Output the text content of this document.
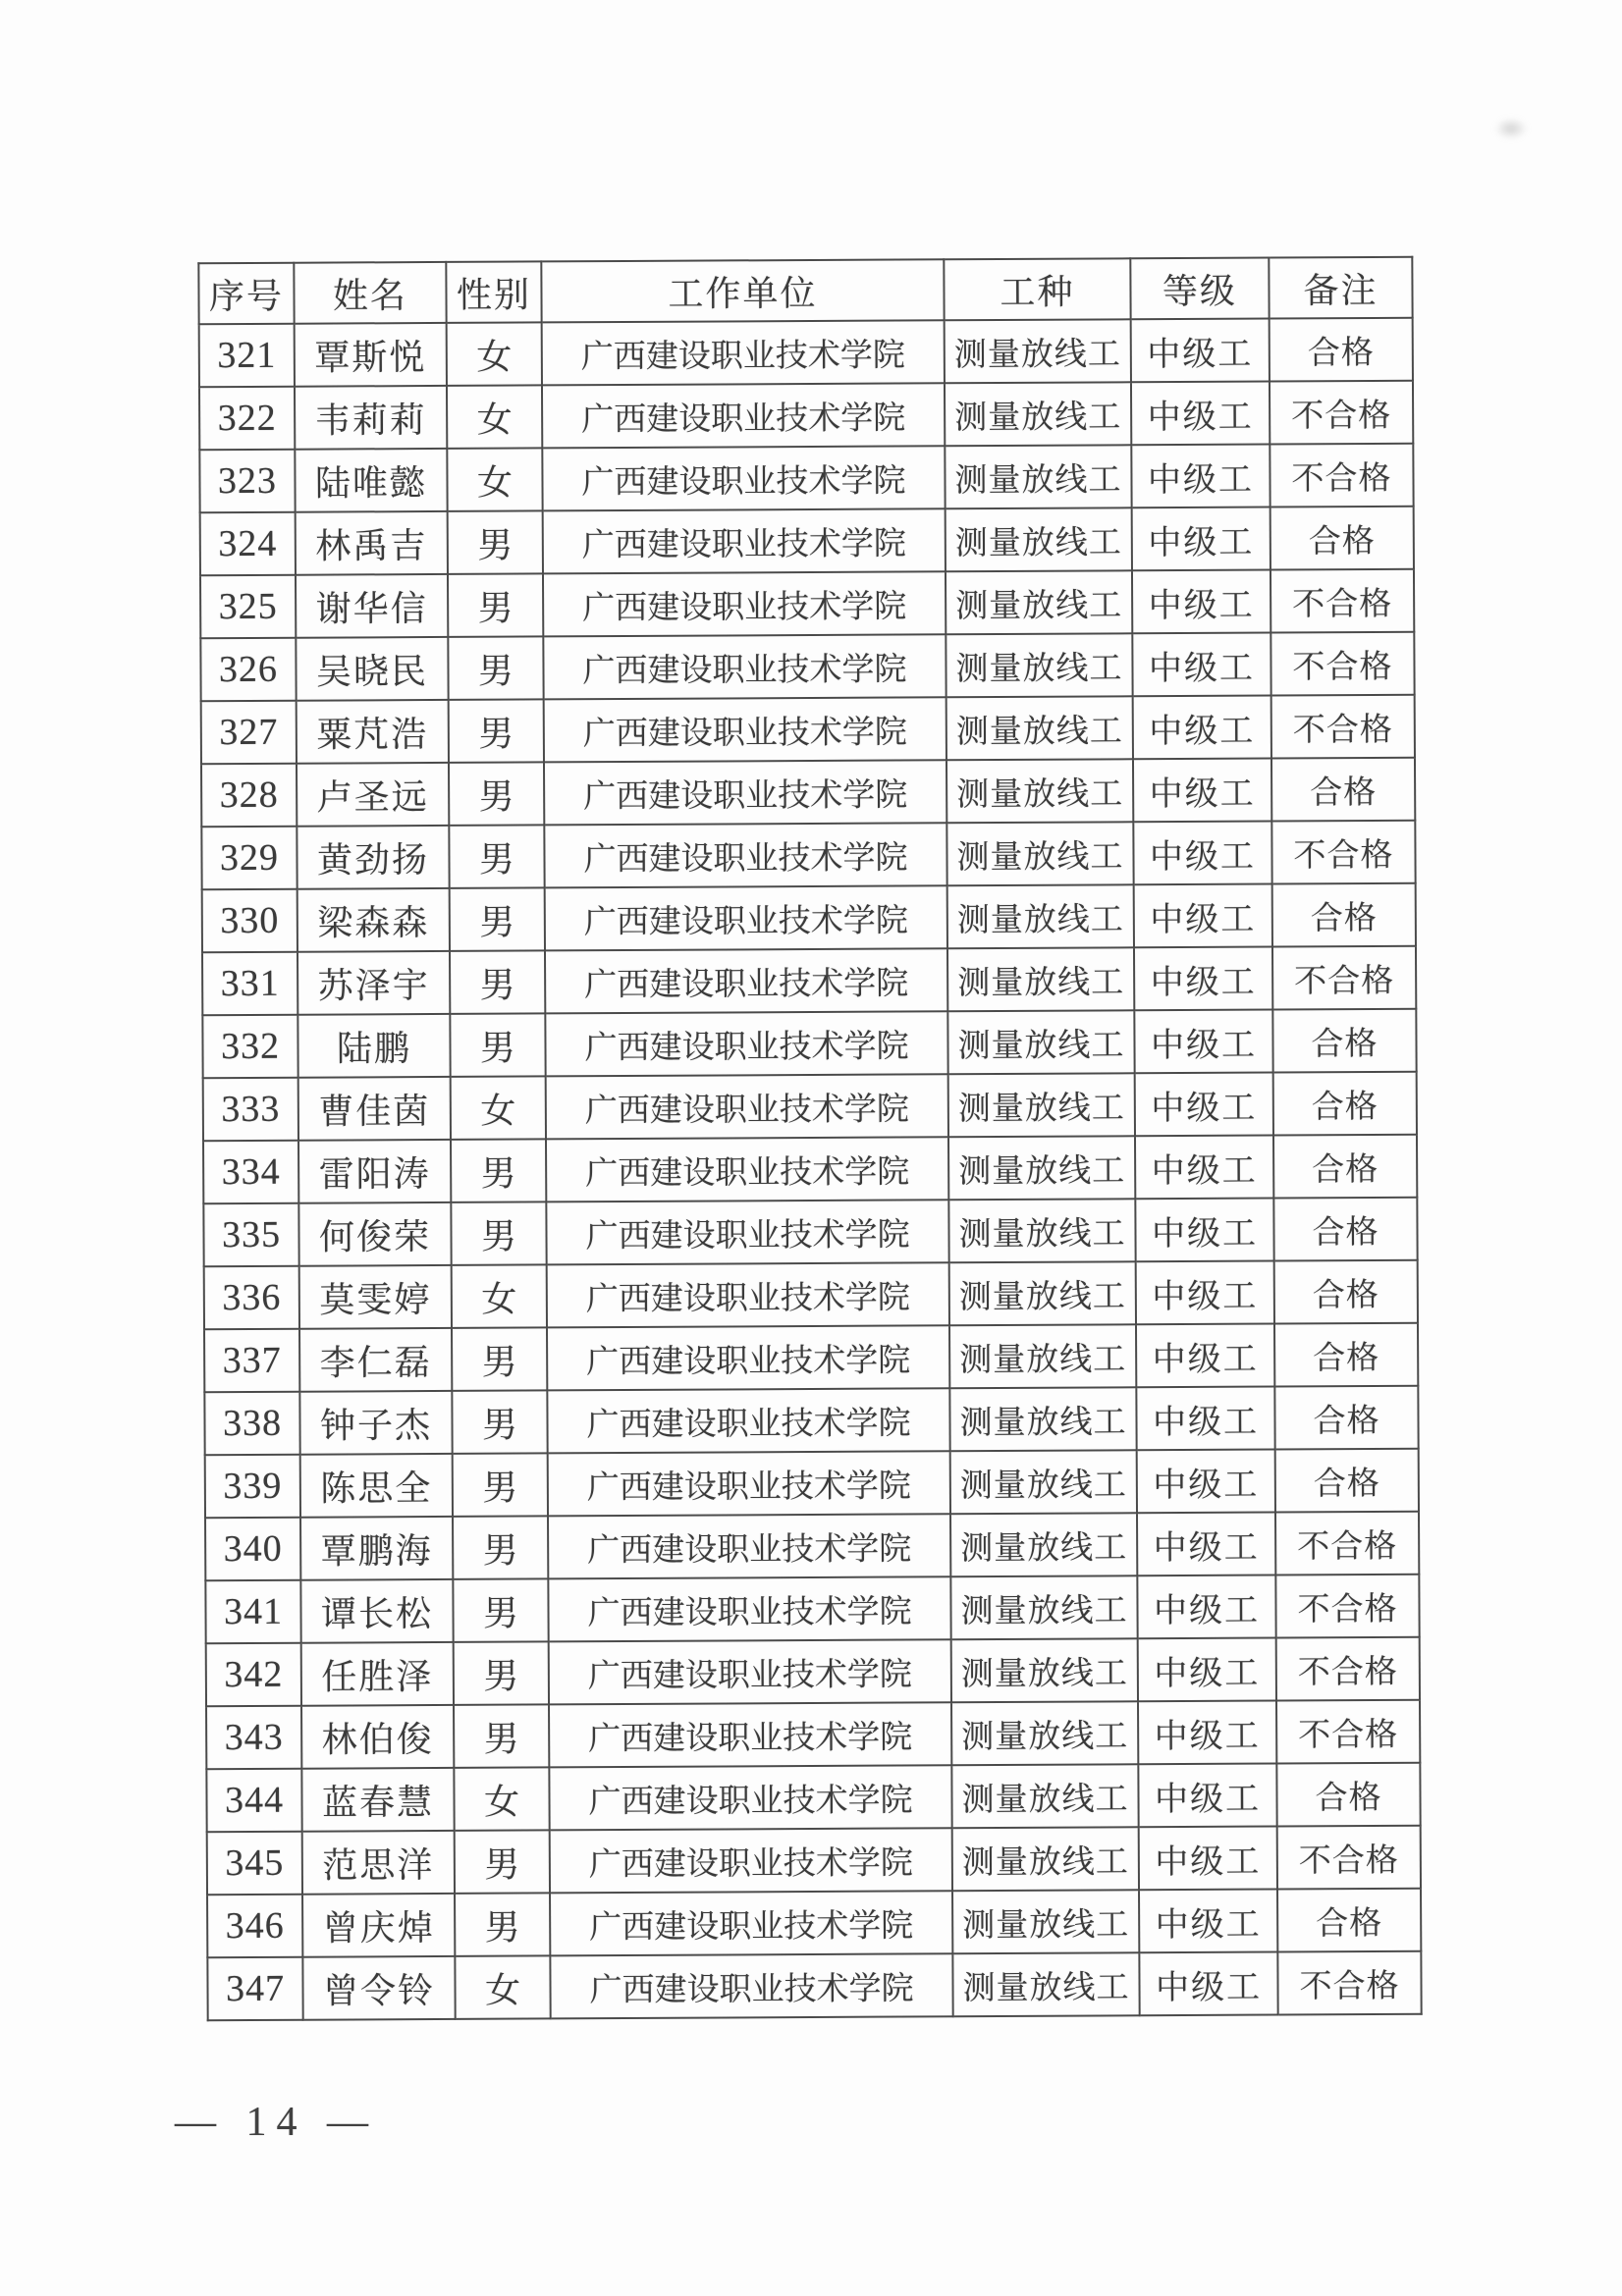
序号	姓名	性别	工作单位	工种	等级	备注
321	覃斯悦	女	广西建设职业技术学院	测量放线工	中级工	合格
322	韦莉莉	女	广西建设职业技术学院	测量放线工	中级工	不合格
323	陆唯懿	女	广西建设职业技术学院	测量放线工	中级工	不合格
324	林禹吉	男	广西建设职业技术学院	测量放线工	中级工	合格
325	谢华信	男	广西建设职业技术学院	测量放线工	中级工	不合格
326	吴晓民	男	广西建设职业技术学院	测量放线工	中级工	不合格
327	粟芃浩	男	广西建设职业技术学院	测量放线工	中级工	不合格
328	卢圣远	男	广西建设职业技术学院	测量放线工	中级工	合格
329	黄劲扬	男	广西建设职业技术学院	测量放线工	中级工	不合格
330	梁森森	男	广西建设职业技术学院	测量放线工	中级工	合格
331	苏泽宇	男	广西建设职业技术学院	测量放线工	中级工	不合格
332	陆鹏	男	广西建设职业技术学院	测量放线工	中级工	合格
333	曹佳茵	女	广西建设职业技术学院	测量放线工	中级工	合格
334	雷阳涛	男	广西建设职业技术学院	测量放线工	中级工	合格
335	何俊荣	男	广西建设职业技术学院	测量放线工	中级工	合格
336	莫雯婷	女	广西建设职业技术学院	测量放线工	中级工	合格
337	李仁磊	男	广西建设职业技术学院	测量放线工	中级工	合格
338	钟子杰	男	广西建设职业技术学院	测量放线工	中级工	合格
339	陈思全	男	广西建设职业技术学院	测量放线工	中级工	合格
340	覃鹏海	男	广西建设职业技术学院	测量放线工	中级工	不合格
341	谭长松	男	广西建设职业技术学院	测量放线工	中级工	不合格
342	任胜泽	男	广西建设职业技术学院	测量放线工	中级工	不合格
343	林伯俊	男	广西建设职业技术学院	测量放线工	中级工	不合格
344	蓝春慧	女	广西建设职业技术学院	测量放线工	中级工	合格
345	范思洋	男	广西建设职业技术学院	测量放线工	中级工	不合格
346	曾庆焯	男	广西建设职业技术学院	测量放线工	中级工	合格
347	曾令铃	女	广西建设职业技术学院	测量放线工	中级工	不合格
— 14 —
